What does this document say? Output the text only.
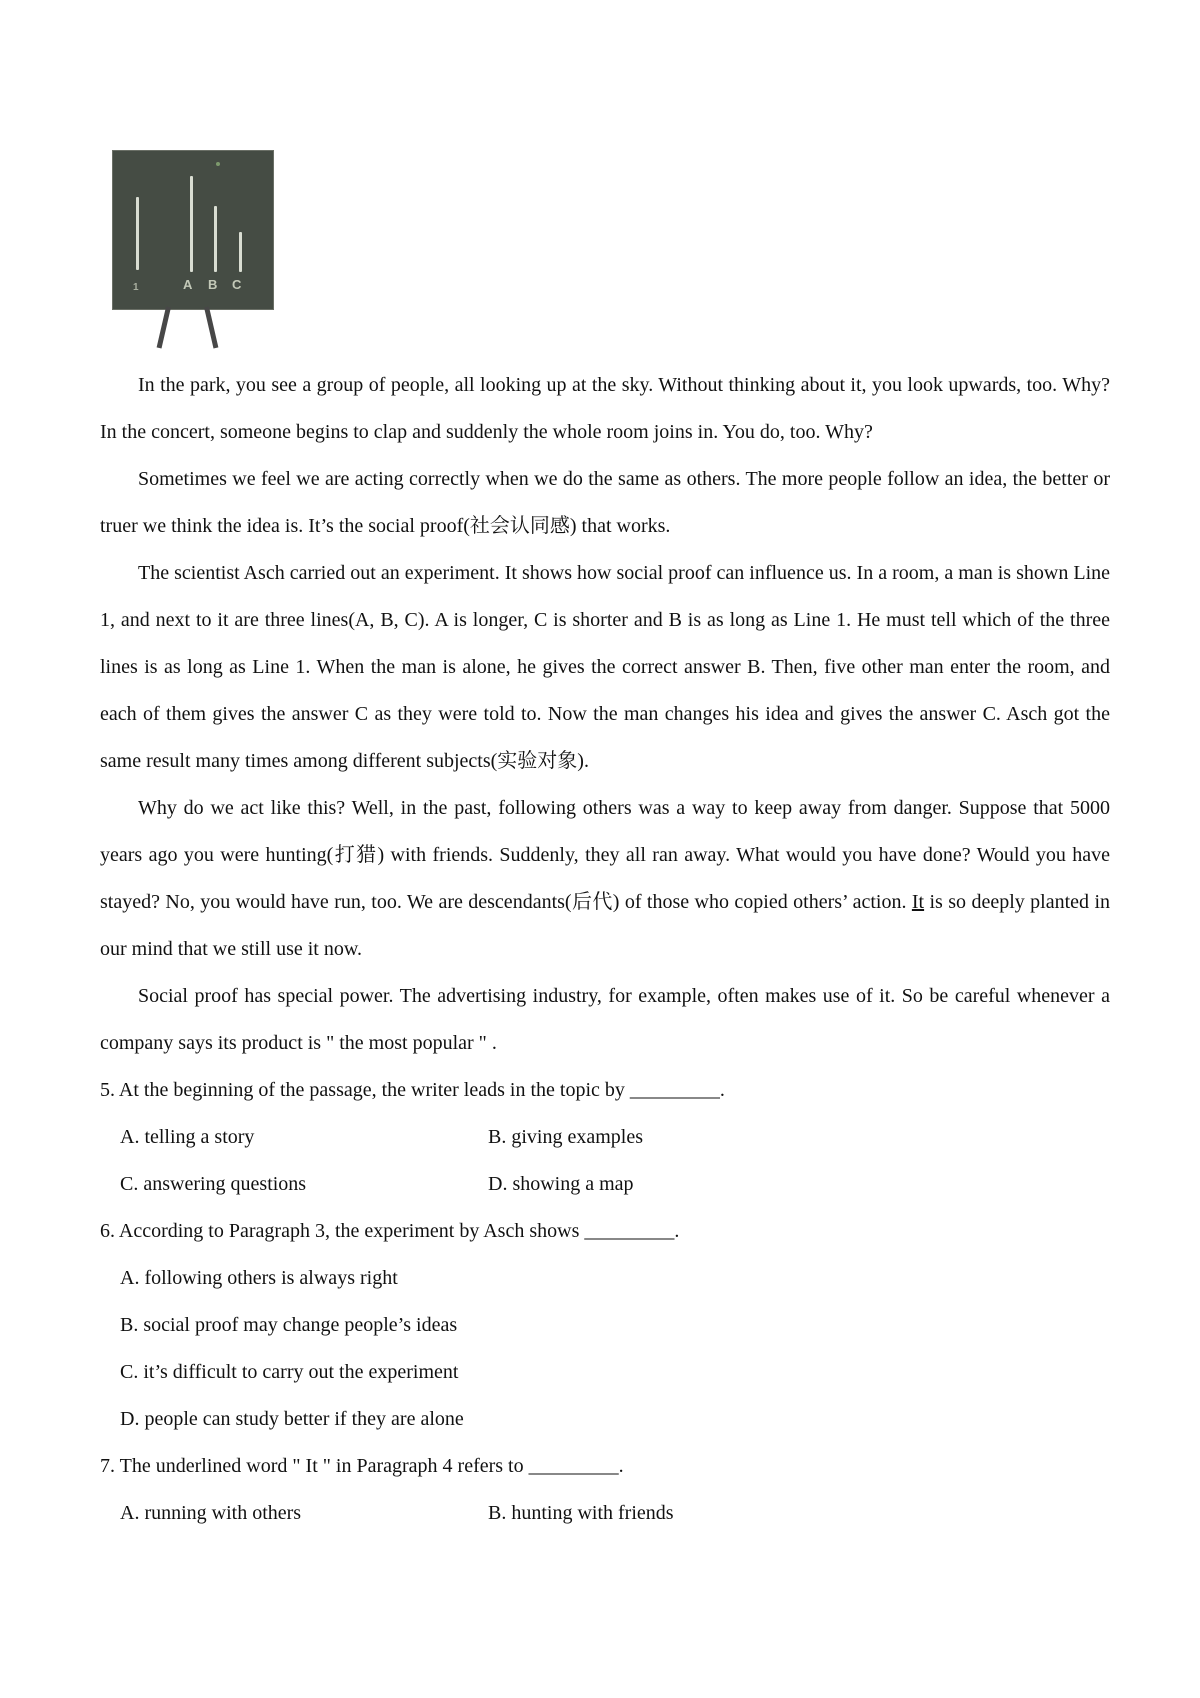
1	A B C

In the park, you see a group of people, all looking up at the sky. Without thinking about it, you look upwards, too. Why? In the concert, someone begins to clap and suddenly the whole room joins in. You do, too. Why?

Sometimes we feel we are acting correctly when we do the same as others. The more people follow an idea, the better or truer we think the idea is. It’s the social proof(社会认同感) that works.

The scientist Asch carried out an experiment. It shows how social proof can influence us. In a room, a man is shown Line 1, and next to it are three lines(A, B, C). A is longer, C is shorter and B is as long as Line 1. He must tell which of the three lines is as long as Line 1. When the man is alone, he gives the correct answer B. Then, five other man enter the room, and each of them gives the answer C as they were told to. Now the man changes his idea and gives the answer C. Asch got the same result many times among different subjects(实验对象).

Why do we act like this? Well, in the past, following others was a way to keep away from danger. Suppose that 5000 years ago you were hunting(打猎) with friends. Suddenly, they all ran away. What would you have done? Would you have stayed? No, you would have run, too. We are descendants(后代) of those who copied others’ action. It is so deeply planted in our mind that we still use it now.

Social proof has special power. The advertising industry, for example, often makes use of it. So be careful whenever a company says its product is " the most popular " .

5. At the beginning of the passage, the writer leads in the topic by _________.

A. telling a story	B. giving examples
C. answering questions	D. showing a map

6. According to Paragraph 3, the experiment by Asch shows _________.

A. following others is always right
B. social proof may change people’s ideas
C. it’s difficult to carry out the experiment
D. people can study better if they are alone

7. The underlined word " It " in Paragraph 4 refers to _________.

A. running with others	B. hunting with friends
